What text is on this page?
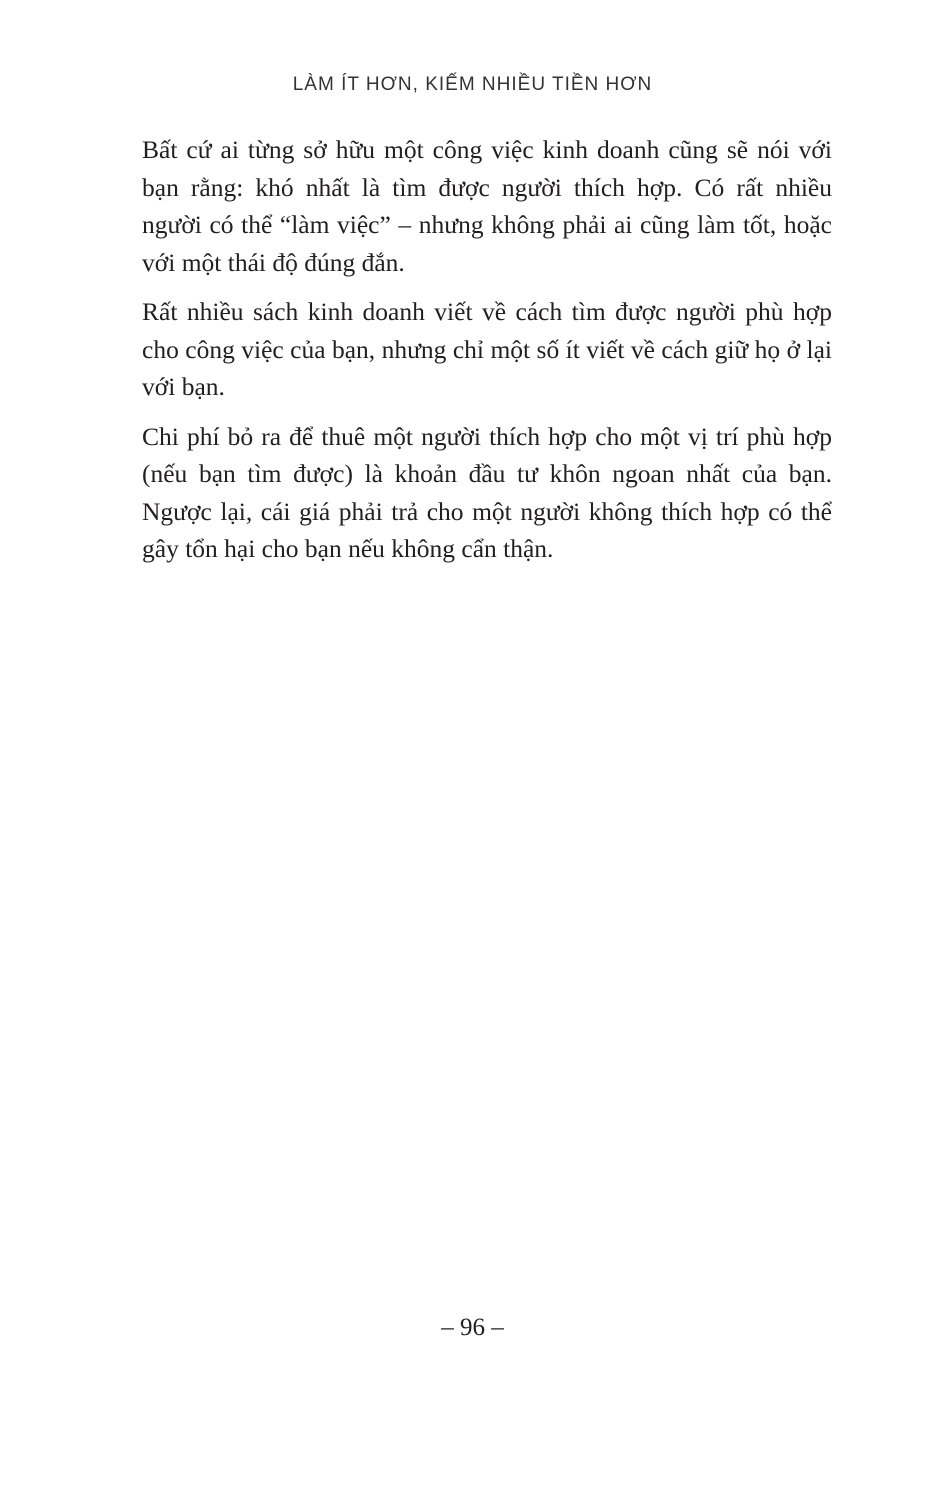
LÀM ÍT HƠN, KIẾM NHIỀU TIỀN HƠN

Bất cứ ai từng sở hữu một công việc kinh doanh cũng sẽ nói với
bạn rằng: khó nhất là tìm được người thích hợp. Có rất nhiều
người có thể “làm việc” – nhưng không phải ai cũng làm tốt, hoặc
với một thái độ đúng đắn.

Rất nhiều sách kinh doanh viết về cách tìm được người phù hợp
cho công việc của bạn, nhưng chỉ một số ít viết về cách giữ họ ở lại
với bạn.

Chi phí bỏ ra để thuê một người thích hợp cho một vị trí phù hợp
(nếu bạn tìm được) là khoản đầu tư khôn ngoan nhất của bạn.
Ngược lại, cái giá phải trả cho một người không thích hợp có thể
gây tổn hại cho bạn nếu không cẩn thận.

– 96 –
